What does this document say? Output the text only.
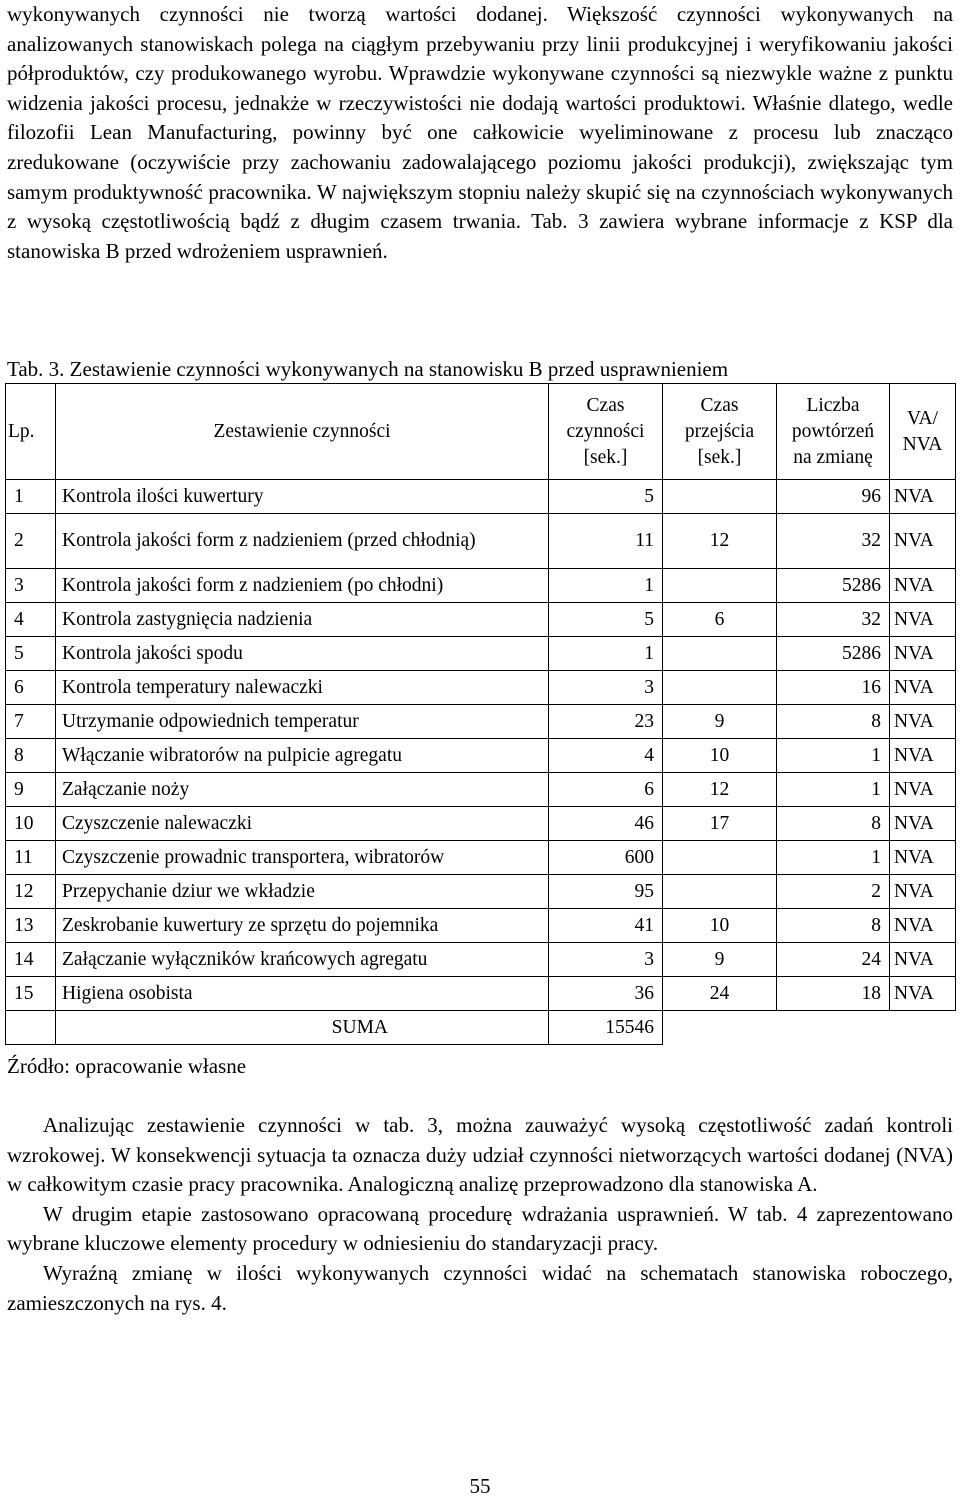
wykonywanych czynności nie tworzą wartości dodanej. Większość czynności wykonywanych na analizowanych stanowiskach polega na ciągłym przebywaniu przy linii produkcyjnej i weryfikowaniu jakości półproduktów, czy produkowanego wyrobu. Wprawdzie wykonywane czynności są niezwykle ważne z punktu widzenia jakości procesu, jednakże w rzeczywistości nie dodają wartości produktowi. Właśnie dlatego, wedle filozofii Lean Manufacturing, powinny być one całkowicie wyeliminowane z procesu lub znacząco zredukowane (oczywiście przy zachowaniu zadowalającego poziomu jakości produkcji), zwiększając tym samym produktywność pracownika. W największym stopniu należy skupić się na czynnościach wykonywanych z wysoką częstotliwością bądź z długim czasem trwania. Tab. 3 zawiera wybrane informacje z KSP dla stanowiska B przed wdrożeniem usprawnień.

Tab. 3. Zestawienie czynności wykonywanych na stanowisku B przed usprawnieniem
Lp.	Zestawienie czynności	Czas czynności [sek.]	Czas przejścia [sek.]	Liczba powtórzeń na zmianę	VA/ NVA
1	Kontrola ilości kuwertury	5		96	NVA
2	Kontrola jakości form z nadzieniem (przed chłodnią)	11	12	32	NVA
3	Kontrola jakości form z nadzieniem (po chłodni)	1		5286	NVA
4	Kontrola zastygnięcia nadzienia	5	6	32	NVA
5	Kontrola jakości spodu	1		5286	NVA
6	Kontrola temperatury nalewaczki	3		16	NVA
7	Utrzymanie odpowiednich temperatur	23	9	8	NVA
8	Włączanie wibratorów na pulpicie agregatu	4	10	1	NVA
9	Załączanie noży	6	12	1	NVA
10	Czyszczenie nalewaczki	46	17	8	NVA
11	Czyszczenie prowadnic transportera, wibratorów	600		1	NVA
12	Przepychanie dziur we wkładzie	95		2	NVA
13	Zeskrobanie kuwertury ze sprzętu do pojemnika	41	10	8	NVA
14	Załączanie wyłączników krańcowych agregatu	3	9	24	NVA
15	Higiena osobista	36	24	18	NVA
	SUMA	15546			
Źródło: opracowanie własne

Analizując zestawienie czynności w tab. 3, można zauważyć wysoką częstotliwość zadań kontroli wzrokowej. W konsekwencji sytuacja ta oznacza duży udział czynności nietworzących wartości dodanej (NVA) w całkowitym czasie pracy pracownika. Analogiczną analizę przeprowadzono dla stanowiska A.

W drugim etapie zastosowano opracowaną procedurę wdrażania usprawnień. W tab. 4 zaprezentowano wybrane kluczowe elementy procedury w odniesieniu do standaryzacji pracy.

Wyraźną zmianę w ilości wykonywanych czynności widać na schematach stanowiska roboczego, zamieszczonych na rys. 4.

55
